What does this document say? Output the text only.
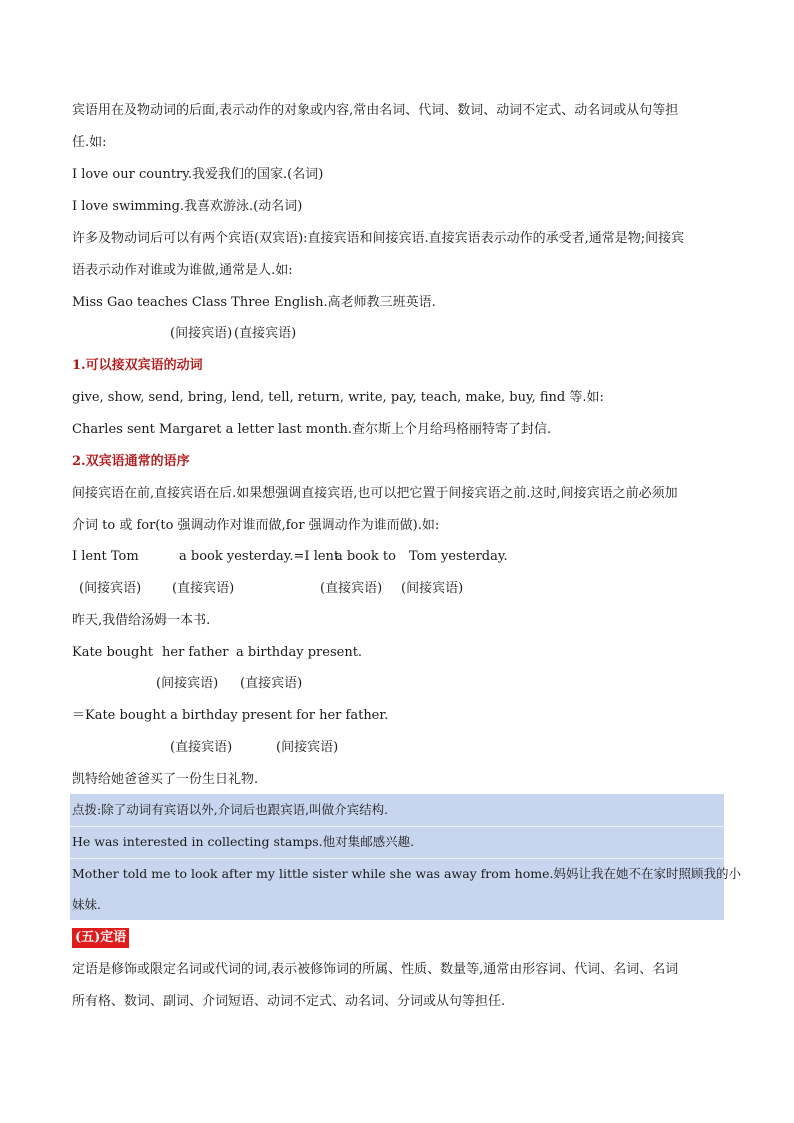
宾语用在及物动词的后面,表示动作的对象或内容,常由名词、代词、数词、动词不定式、动名词或从句等担
任.如:
I love our country.我爱我们的国家.(名词)
I love swimming.我喜欢游泳.(动名词)
许多及物动词后可以有两个宾语(双宾语):直接宾语和间接宾语.直接宾语表示动作的承受者,通常是物;间接宾
语表示动作对谁或为谁做,通常是人.如:
Miss Gao teaches Class Three English.高老师教三班英语.
(间接宾语) (直接宾语)
1.可以接双宾语的动词
give, show, send, bring, lend, tell, return, write, pay, teach, make, buy, find 等.如:
Charles sent Margaret a letter last month.查尔斯上个月给玛格丽特寄了封信.
2.双宾语通常的语序
间接宾语在前,直接宾语在后.如果想强调直接宾语,也可以把它置于间接宾语之前.这时,间接宾语之前必须加
介词 to 或 for(to 强调动作对谁而做,for 强调动作为谁而做).如:
I lent Tom	a book yesterday.=I lent
a book to Tom yesterday.
(间接宾语) (直接宾语)	(直接宾语) (间接宾语)
昨天,我借给汤姆一本书.
Kate bought her father a birthday present.
(间接宾语) (直接宾语)
＝Kate bought a birthday present for her father.
(直接宾语)	(间接宾语)
凯特给她爸爸买了一份生日礼物.
点拨:除了动词有宾语以外,介词后也跟宾语,叫做介宾结构.
He was interested in collecting stamps.他对集邮感兴趣.
Mother told me to look after my little sister while she was away from home.妈妈让我在她不在家时照顾我的小
妹妹.
(五)定语
定语是修饰或限定名词或代词的词,表示被修饰词的所属、性质、数量等,通常由形容词、代词、名词、名词
所有格、数词、副词、介词短语、动词不定式、动名词、分词或从句等担任.
